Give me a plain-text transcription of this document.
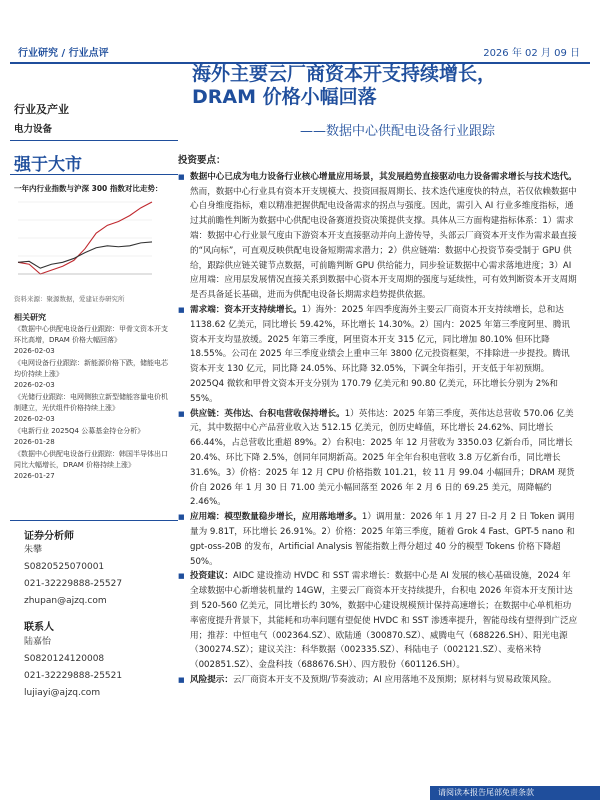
行业研究 / 行业点评	2026 年 02 月 09 日
海外主要云厂商资本开支持续增长，
DRAM 价格小幅回落
——数据中心供配电设备行业跟踪
行业及产业
电力设备
强于大市
一年内行业指数与沪深 300 指数对比走势：
资料来源：聚源数据，爱建证券研究所
相关研究
《数据中心供配电设备行业跟踪：甲骨文资本开支环比高增，DRAM 价格大幅回落》
2026-02-03
《电网设备行业跟踪：新能源价格下跌，储能电芯均价持续上涨》
2026-02-03
《光储行业跟踪：电网侧独立新型储能容量电价机制建立，光伏组件价格持续上涨》
2026-02-03
《电新行业 2025Q4 公募基金持仓分析》
2026-01-28
《数据中心供配电设备行业跟踪：韩国半导体出口同比大幅增长，DRAM 价格持续上涨》
2026-01-27
证券分析师
朱攀
S0820525070001
021-32229888-25527
zhupan@ajzq.com
联系人
陆嘉怡
S0820124120008
021-32229888-25521
lujiayi@ajzq.com
投资要点：
■ 数据中心已成为电力设备行业核心增量应用场景，其发展趋势直接驱动电力设备需求增长与技术迭代。然而，数据中心行业具有资本开支规模大、投资回报周期长、技术迭代速度快的特点，若仅依赖数据中心自身维度指标，难以精准把握供配电设备需求的拐点与强度。因此，需引入 AI 行业多维度指标，通过其前瞻性判断为数据中心供配电设备赛道投资决策提供支撑。具体从三方面构建指标体系：1）需求端：数据中心行业景气度由下游资本开支直接驱动并向上游传导，头部云厂商资本开支作为需求最直接的“风向标”，可直观反映供配电设备短期需求潜力；2）供应链端：数据中心投资节奏受制于 GPU 供给，跟踪供应链关键节点数据，可前瞻判断 GPU 供给能力，同步验证数据中心需求落地进度；3）AI 应用端：应用层发展情况直接关系到数据中心资本开支周期的强度与延续性，可有效判断资本开支周期是否具备延长基础，进而为供配电设备长期需求趋势提供依据。
■ 需求端：资本开支持续增长。1）海外：2025 年四季度海外主要云厂商资本开支持续增长，总和达 1138.62 亿美元，同比增长 59.42%，环比增长 14.30%。2）国内：2025 年第三季度阿里、腾讯资本开支均显放缓。2025 年第三季度，阿里资本开支 315 亿元，同比增加 80.10% 但环比降 18.55%。公司在 2025 年三季度业绩会上重申三年 3800 亿元投资框架，不排除进一步提投。腾讯资本开支 130 亿元，同比降 24.05%、环比降 32.05%，下调全年指引，开支低于年初预期。2025Q4 微软和甲骨文资本开支分别为 170.79 亿美元和 90.80 亿美元，环比增长分别为 2%和 55%。
■ 供应链：英伟达、台积电营收保持增长。1）英伟达：2025 年第三季度，英伟达总营收 570.06 亿美元，其中数据中心产品营业收入达 512.15 亿美元，创历史峰值，环比增长 24.62%、同比增长 66.44%，占总营收比重超 89%。2）台积电：2025 年 12 月营收为 3350.03 亿新台币，同比增长 20.4%、环比下降 2.5%，创同年同期新高。2025 年全年台积电营收 3.8 万亿新台币，同比增长 31.6%。3）价格：2025 年 12 月 CPU 价格指数 101.21，较 11 月 99.04 小幅回升；DRAM 现货价自 2026 年 1 月 30 日 71.00 美元小幅回落至 2026 年 2 月 6 日的 69.25 美元，周降幅约 2.46%。
■ 应用端：模型数量稳步增长，应用落地增多。1）调用量：2026 年 1 月 27 日-2 月 2 日 Token 调用量为 9.81T，环比增长 26.91%。2）价格：2025 年第三季度，随着 Grok 4 Fast、GPT-5 nano 和 gpt-oss-20B 的发布，Artificial Analysis 智能指数上得分超过 40 分的模型 Tokens 价格下降超 50%。
■ 投资建议：AIDC 建设推动 HVDC 和 SST 需求增长：数据中心是 AI 发展的核心基础设施，2024 年全球数据中心新增装机量约 14GW，主要云厂商资本开支持续提升，台积电 2026 年资本开支预计达到 520-560 亿美元，同比增长约 30%，数据中心建设规模预计保持高速增长；在数据中心单机柜功率密度提升背景下，其能耗和功率问题有望促使 HVDC 和 SST 渗透率提升，智能母线有望得到广泛应用；推荐：中恒电气（002364.SZ）、欧陆通（300870.SZ）、威腾电气（688226.SH）、阳光电源（300274.SZ）；建议关注：科华数据（002335.SZ）、科陆电子（002121.SZ）、麦格米特（002851.SZ）、金盘科技（688676.SH）、四方股份（601126.SH）。
■ 风险提示：云厂商资本开支不及预期/节奏波动；AI 应用落地不及预期；原材料与贸易政策风险。
请阅读本报告尾部免责条款
